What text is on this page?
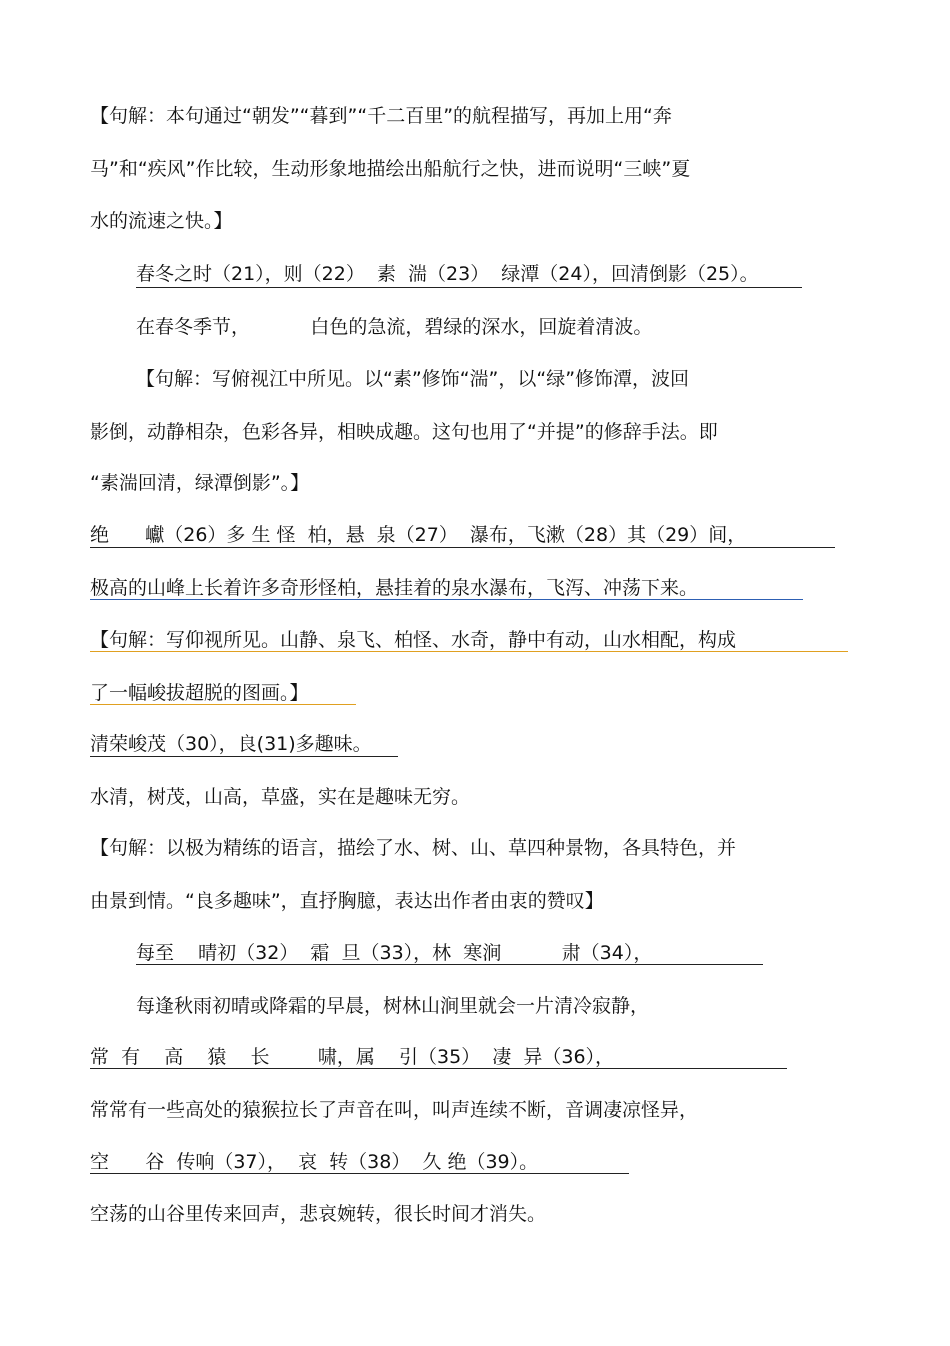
【句解：本句通过“朝发”“暮到”“千二百里”的航程描写，再加上用“奔
马”和“疾风”作比较，生动形象地描绘出船航行之快，进而说明“三峡”夏
水的流速之快。】
春冬之时（21），则（22）  素  湍（23）  绿潭（24），回清倒影（25）。
在春冬季节，          白色的急流，碧绿的深水，回旋着清波。
【句解：写俯视江中所见。以“素”修饰“湍”，以“绿”修饰潭，波回
影倒，动静相杂，色彩各异，相映成趣。这句也用了“并提”的修辞手法。即
“素湍回清，绿潭倒影”。】
绝      巘（26）多 生 怪  柏，悬  泉（27）  瀑布，飞漱（28）其（29）间，
极高的山峰上长着许多奇形怪柏，悬挂着的泉水瀑布，飞泻、冲荡下来。
【句解：写仰视所见。山静、泉飞、柏怪、水奇，静中有动，山水相配，构成
了一幅峻拔超脱的图画。】
清荣峻茂（30），良(31)多趣味。
水清，树茂，山高，草盛，实在是趣味无穷。
【句解：以极为精练的语言，描绘了水、树、山、草四种景物，各具特色，并
由景到情。“良多趣味”，直抒胸臆，表达出作者由衷的赞叹】
每至    晴初（32）  霜  旦（33），林  寒涧          肃（34），
每逢秋雨初晴或降霜的早晨，树林山涧里就会一片清冷寂静，
常  有    高    猿    长        啸，属    引（35）  凄  异（36），
常常有一些高处的猿猴拉长了声音在叫，叫声连续不断，音调凄凉怪异，
空      谷  传响（37），  哀  转（38）  久 绝（39）。
空荡的山谷里传来回声，悲哀婉转，很长时间才消失。
